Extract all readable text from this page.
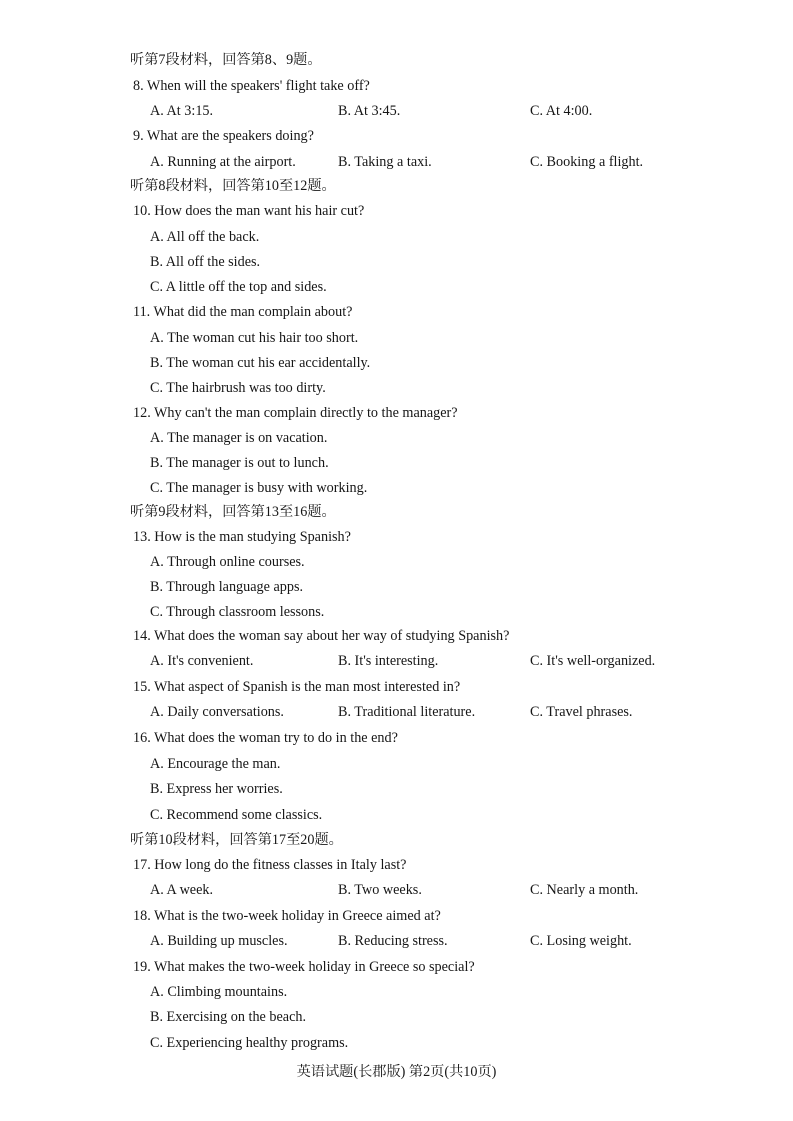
听第7段材料，回答第8、9题。
8. When will the speakers' flight take off?
A. At 3:15.	B. At 3:45.	C. At 4:00.
9. What are the speakers doing?
A. Running at the airport.	B. Taking a taxi.	C. Booking a flight.
听第8段材料，回答第10至12题。
10. How does the man want his hair cut?
A. All off the back.
B. All off the sides.
C. A little off the top and sides.
11. What did the man complain about?
A. The woman cut his hair too short.
B. The woman cut his ear accidentally.
C. The hairbrush was too dirty.
12. Why can't the man complain directly to the manager?
A. The manager is on vacation.
B. The manager is out to lunch.
C. The manager is busy with working.
听第9段材料，回答第13至16题。
13. How is the man studying Spanish?
A. Through online courses.
B. Through language apps.
C. Through classroom lessons.
14. What does the woman say about her way of studying Spanish?
A. It's convenient.	B. It's interesting.	C. It's well-organized.
15. What aspect of Spanish is the man most interested in?
A. Daily conversations.	B. Traditional literature.	C. Travel phrases.
16. What does the woman try to do in the end?
A. Encourage the man.
B. Express her worries.
C. Recommend some classics.
听第10段材料，回答第17至20题。
17. How long do the fitness classes in Italy last?
A. A week.	B. Two weeks.	C. Nearly a month.
18. What is the two-week holiday in Greece aimed at?
A. Building up muscles.	B. Reducing stress.	C. Losing weight.
19. What makes the two-week holiday in Greece so special?
A. Climbing mountains.
B. Exercising on the beach.
C. Experiencing healthy programs.
英语试题(长郡版) 第2页(共10页)
